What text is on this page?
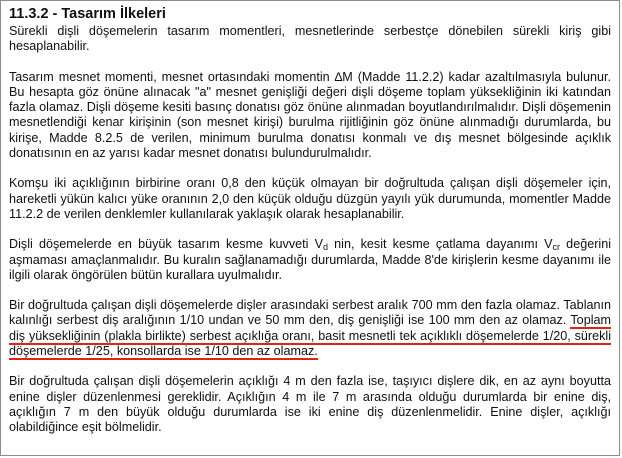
11.3.2 - Tasarım İlkeleri

Sürekli dişli döşemelerin tasarım momentleri, mesnetlerinde serbestçe dönebilen sürekli kiriş gibi hesaplanabilir.

Tasarım mesnet momenti, mesnet ortasındaki momentin ∆M (Madde 11.2.2) kadar azaltılmasıyla bulunur. Bu hesapta göz önüne alınacak "a" mesnet genişliği değeri dişli döşeme toplam yüksekliğinin iki katından fazla olamaz. Dişli döşeme kesiti basınç donatısı göz önüne alınmadan boyutlandırılmalıdır. Dişli döşemenin mesnetlendiği kenar kirişinin (son mesnet kirişi) burulma rijitliğinin göz önüne alınmadığı durumlarda, bu kirişe, Madde 8.2.5 de verilen, minimum burulma donatısı konmalı ve dış mesnet bölgesinde açıklık donatısının en az yarısı kadar mesnet donatısı bulundurulmalıdır.

Komşu iki açıklığının birbirine oranı 0,8 den küçük olmayan bir doğrultuda çalışan dişli döşemeler için, hareketli yükün kalıcı yüke oranının 2,0 den küçük olduğu düzgün yayılı yük durumunda, momentler Madde 11.2.2 de verilen denklemler kullanılarak yaklaşık olarak hesaplanabilir.

Dişli döşemelerde en büyük tasarım kesme kuvveti $V_d$ nin, kesit kesme çatlama dayanımı $V_{cr}$ değerini aşmaması amaçlanmalıdır. Bu kuralın sağlanamadığı durumlarda, Madde 8'de kirişlerin kesme dayanımı ile ilgili olarak öngörülen bütün kurallara uyulmalıdır.

Bir doğrultuda çalışan dişli döşemelerde dişler arasındaki serbest aralık 700 mm den fazla olamaz. Tablanın kalınlığı serbest diş aralığının 1/10 undan ve 50 mm den, diş genişliği ise 100 mm den az olamaz. Toplam diş yüksekliğinin (plakla birlikte) serbest açıklığa oranı, basit mesnetli tek açıklıklı döşemelerde 1/20, sürekli döşemelerde 1/25, konsollarda ise 1/10 den az olamaz.

Bir doğrultuda çalışan dişli döşemelerin açıklığı 4 m den fazla ise, taşıyıcı dişlere dik, en az aynı boyutta enine dişler düzenlenmesi gereklidir. Açıklığın 4 m ile 7 m arasında olduğu durumlarda bir enine diş, açıklığın 7 m den büyük olduğu durumlarda ise iki enine diş düzenlenmelidir. Enine dişler, açıklığı olabildiğince eşit bölmelidir.
